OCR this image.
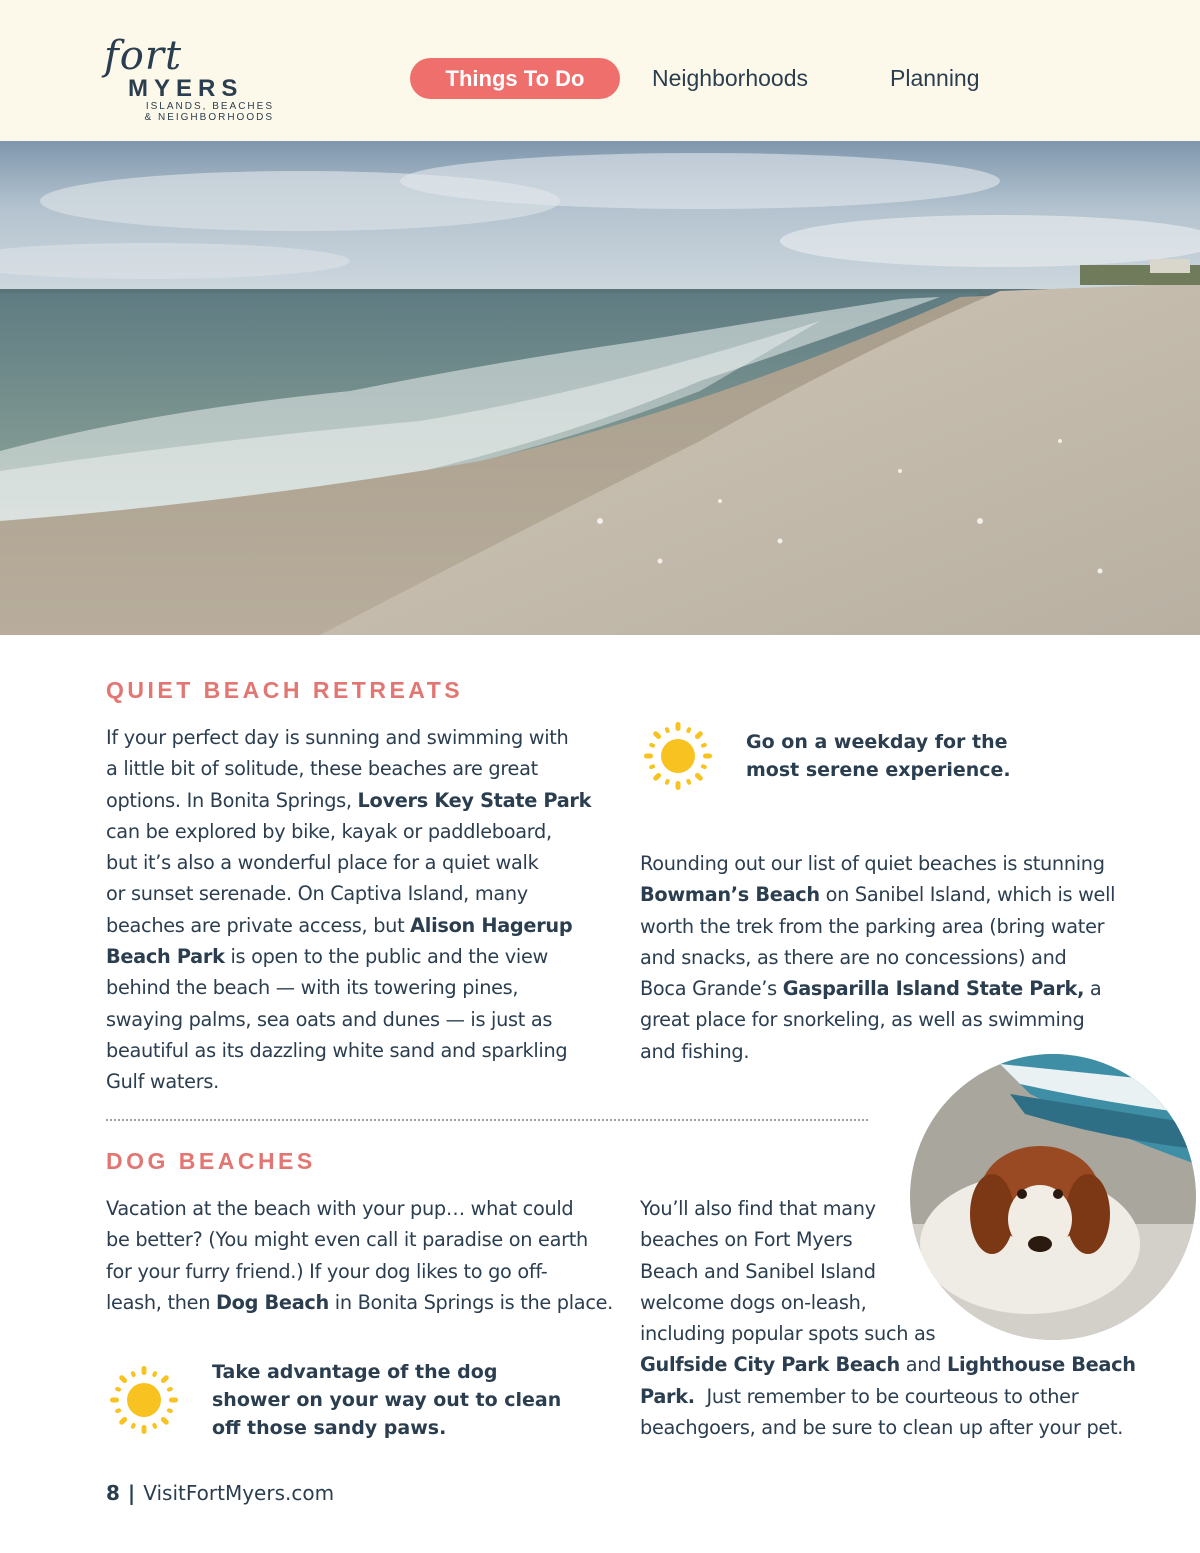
fort
MYERS
ISLANDS, BEACHES
& NEIGHBORHOODS
Things To Do	Neighborhoods	Planning
QUIET BEACH RETREATS
If your perfect day is sunning and swimming with
a little bit of solitude, these beaches are great
options. In Bonita Springs, Lovers Key State Park
can be explored by bike, kayak or paddleboard,
but it’s also a wonderful place for a quiet walk
or sunset serenade. On Captiva Island, many
beaches are private access, but Alison Hagerup
Beach Park is open to the public and the view
behind the beach — with its towering pines,
swaying palms, sea oats and dunes — is just as
beautiful as its dazzling white sand and sparkling
Gulf waters.
Go on a weekday for the
most serene experience.
Rounding out our list of quiet beaches is stunning
Bowman’s Beach on Sanibel Island, which is well
worth the trek from the parking area (bring water
and snacks, as there are no concessions) and
Boca Grande’s Gasparilla Island State Park, a
great place for snorkeling, as well as swimming
and fishing.
DOG BEACHES
Vacation at the beach with your pup… what could
be better? (You might even call it paradise on earth
for your furry friend.) If your dog likes to go off-
leash, then Dog Beach in Bonita Springs is the place.
Take advantage of the dog
shower on your way out to clean
off those sandy paws.
You’ll also find that many
beaches on Fort Myers
Beach and Sanibel Island
welcome dogs on-leash,
including popular spots such as
Gulfside City Park Beach and Lighthouse Beach
Park.  Just remember to be courteous to other
beachgoers, and be sure to clean up after your pet.
8 | VisitFortMyers.com
